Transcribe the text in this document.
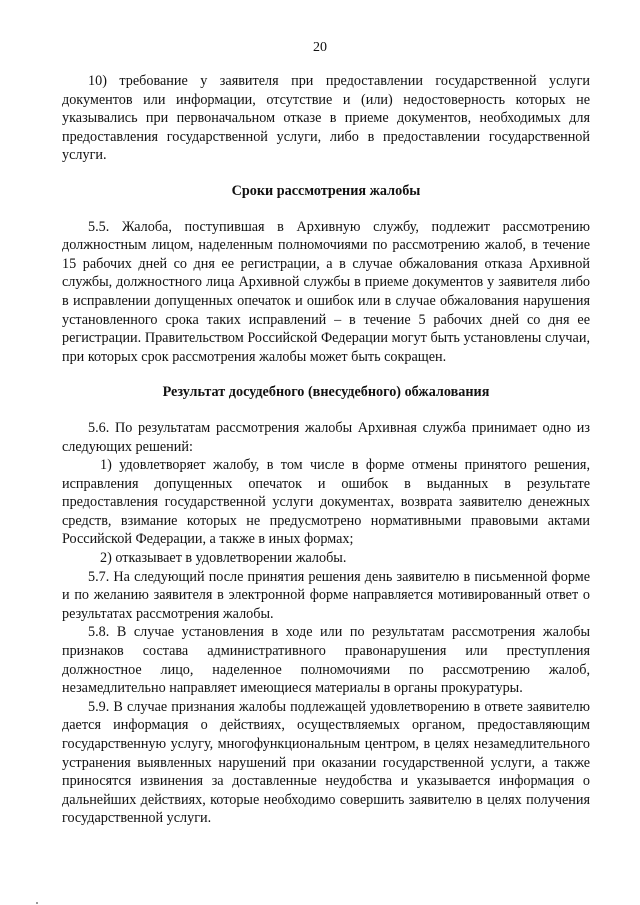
20

10) требование у заявителя при предоставлении государственной услуги документов или информации, отсутствие и (или) недостоверность которых не указывались при первоначальном отказе в приеме документов, необходимых для предоставления государственной услуги, либо в предоставлении государственной услуги.

Сроки рассмотрения жалобы

5.5. Жалоба, поступившая в Архивную службу, подлежит рассмотрению должностным лицом, наделенным полномочиями по рассмотрению жалоб, в течение 15 рабочих дней со дня ее регистрации, а в случае обжалования отказа Архивной службы, должностного лица Архивной службы в приеме документов у заявителя либо в исправлении допущенных опечаток и ошибок или в случае обжалования нарушения установленного срока таких исправлений – в течение 5 рабочих дней со дня ее регистрации. Правительством Российской Федерации могут быть установлены случаи, при которых срок рассмотрения жалобы может быть сокращен.

Результат досудебного (внесудебного) обжалования

5.6. По результатам рассмотрения жалобы Архивная служба принимает одно из следующих решений:

1) удовлетворяет жалобу, в том числе в форме отмены принятого решения, исправления допущенных опечаток и ошибок в выданных в результате предоставления государственной услуги документах, возврата заявителю денежных средств, взимание которых не предусмотрено нормативными правовыми актами Российской Федерации, а также в иных формах;

2) отказывает в удовлетворении жалобы.

5.7. На следующий после принятия решения день заявителю в письменной форме и по желанию заявителя в электронной форме направляется мотивированный ответ о результатах рассмотрения жалобы.

5.8. В случае установления в ходе или по результатам рассмотрения жалобы признаков состава административного правонарушения или преступления должностное лицо, наделенное полномочиями по рассмотрению жалоб, незамедлительно направляет имеющиеся материалы в органы прокуратуры.

5.9. В случае признания жалобы подлежащей удовлетворению в ответе заявителю дается информация о действиях, осуществляемых органом, предоставляющим государственную услугу, многофункциональным центром, в целях незамедлительного устранения выявленных нарушений при оказании государственной услуги, а также приносятся извинения за доставленные неудобства и указывается информация о дальнейших действиях, которые необходимо совершить заявителю в целях получения государственной услуги.
